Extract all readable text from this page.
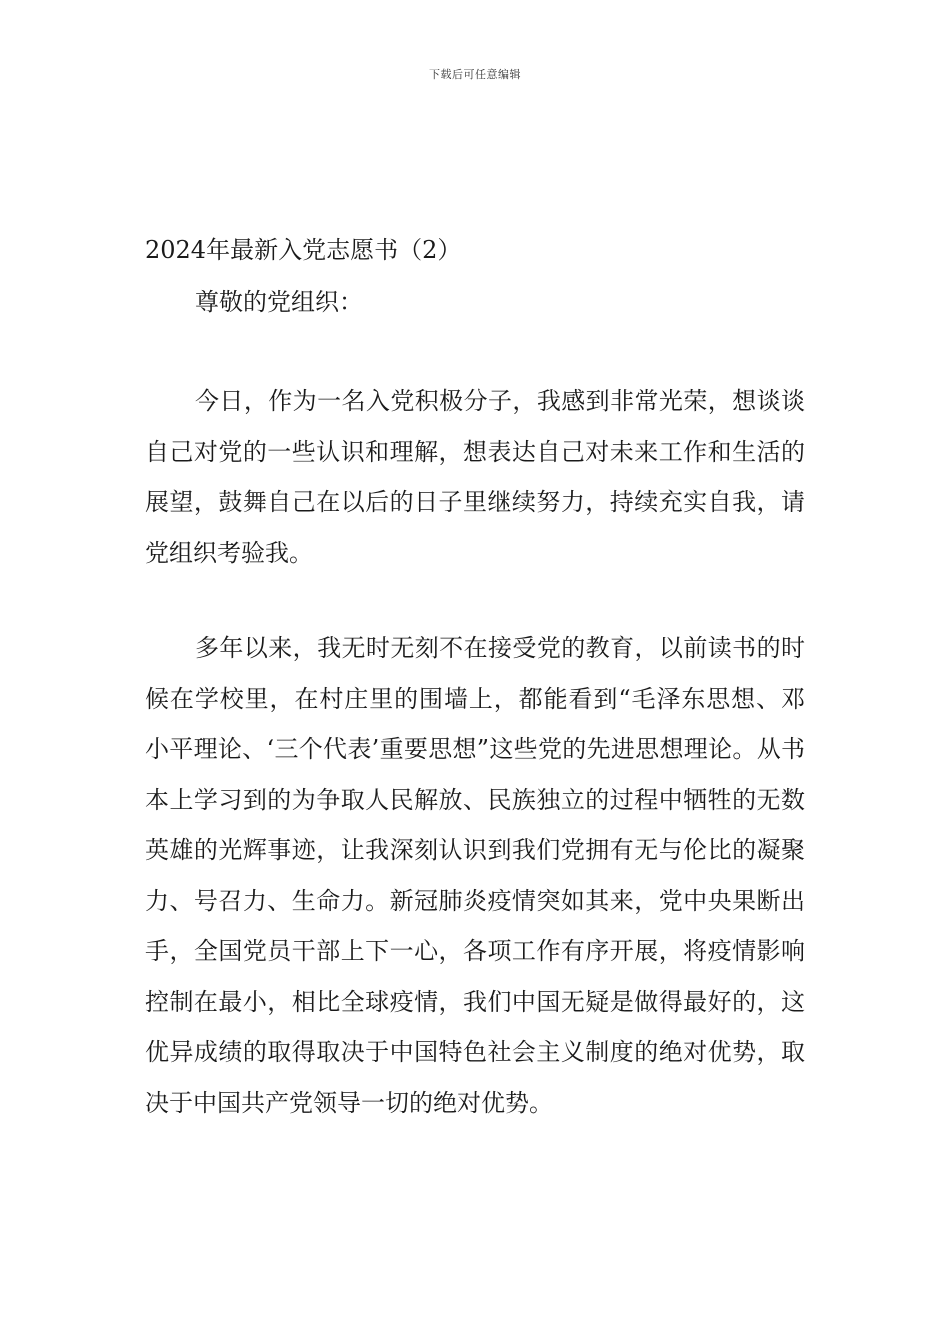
下载后可任意编辑
2024年最新入党志愿书（2）
尊敬的党组织：

今日，作为一名入党积极分子，我感到非常光荣，想谈谈自己对党的一些认识和理解，想表达自己对未来工作和生活的展望，鼓舞自己在以后的日子里继续努力，持续充实自我，请党组织考验我。

多年以来，我无时无刻不在接受党的教育，以前读书的时候在学校里，在村庄里的围墙上，都能看到“毛泽东思想、邓小平理论、‘三个代表’重要思想”这些党的先进思想理论。从书本上学习到的为争取人民解放、民族独立的过程中牺牲的无数英雄的光辉事迹，让我深刻认识到我们党拥有无与伦比的凝聚力、号召力、生命力。新冠肺炎疫情突如其来，党中央果断出手，全国党员干部上下一心，各项工作有序开展，将疫情影响控制在最小，相比全球疫情，我们中国无疑是做得最好的，这优异成绩的取得取决于中国特色社会主义制度的绝对优势，取决于中国共产党领导一切的绝对优势。
